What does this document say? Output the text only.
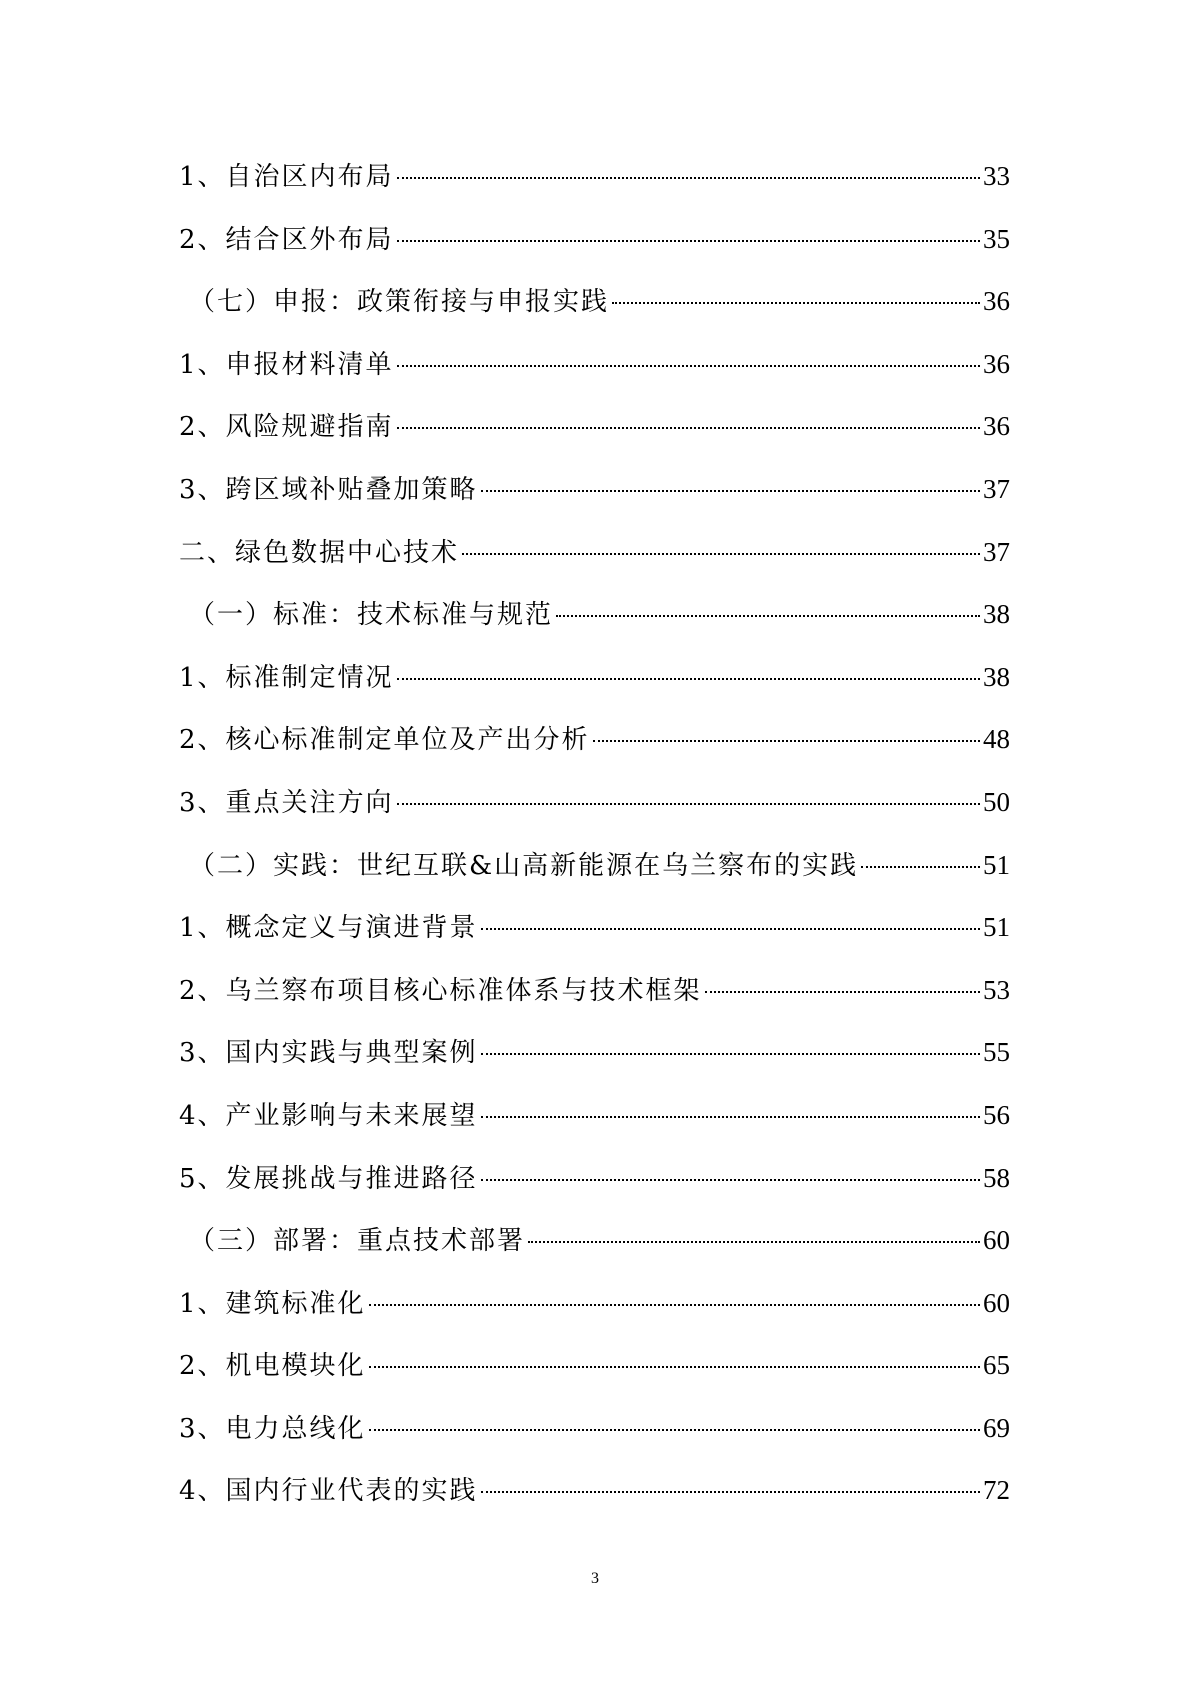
1、自治区内布局	33
2、结合区外布局	35
（七）申报：政策衔接与申报实践	36
1、申报材料清单	36
2、风险规避指南	36
3、跨区域补贴叠加策略	37
二、绿色数据中心技术	37
（一）标准：技术标准与规范	38
1、标准制定情况	38
2、核心标准制定单位及产出分析	48
3、重点关注方向	50
（二）实践：世纪互联&山高新能源在乌兰察布的实践	51
1、概念定义与演进背景	51
2、乌兰察布项目核心标准体系与技术框架	53
3、国内实践与典型案例	55
4、产业影响与未来展望	56
5、发展挑战与推进路径	58
（三）部署：重点技术部署	60
1、建筑标准化	60
2、机电模块化	65
3、电力总线化	69
4、国内行业代表的实践	72
3
